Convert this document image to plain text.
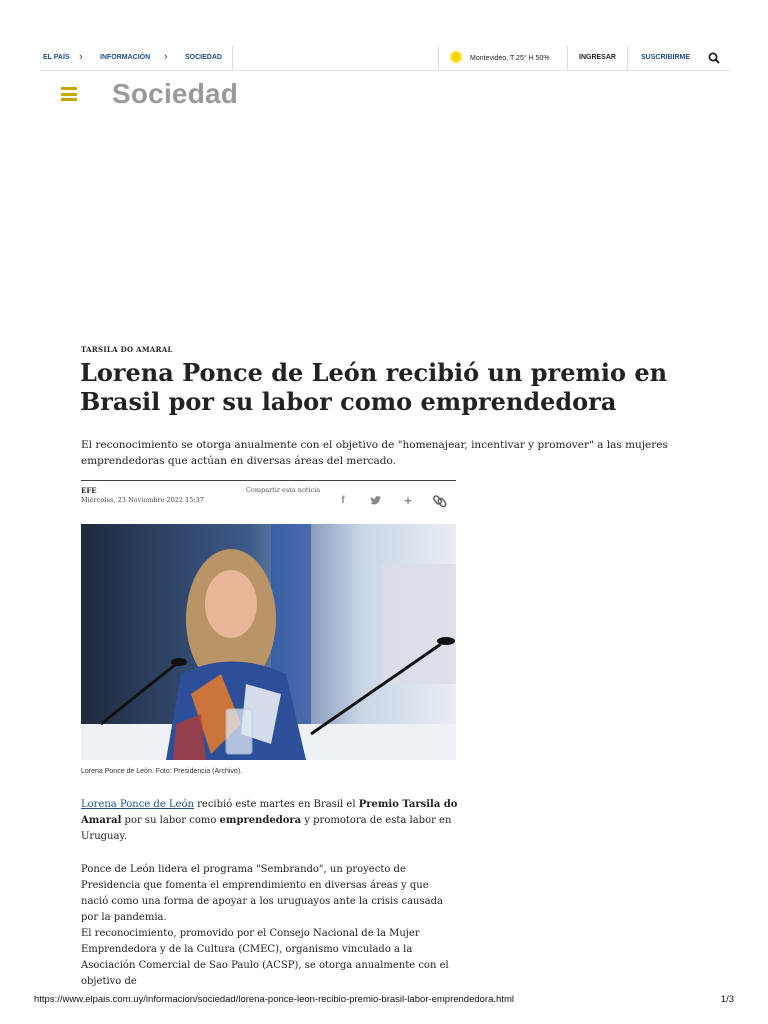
EL PAÍS › INFORMACIÓN › SOCIEDAD	Montevideo, T 25° H 50%	INGRESAR	SUSCRIBIRME
Sociedad
TARSILA DO AMARAL
Lorena Ponce de León recibió un premio en Brasil por su labor como emprendedora

El reconocimiento se otorga anualmente con el objetivo de "homenajear, incentivar y promover" a las mujeres emprendedoras que actúan en diversas áreas del mercado.

EFE
Miércoles, 23 Noviembre 2022 15:37
Compartir esta noticia
f	+
Lorena Ponce de León. Foto: Presidencia (Archivo).

Lorena Ponce de León recibió este martes en Brasil el Premio Tarsila do Amaral por su labor como emprendedora y promotora de esta labor en Uruguay.

Ponce de León lidera el programa "Sembrando", un proyecto de Presidencia que fomenta el emprendimiento en diversas áreas y que nació como una forma de apoyar a los uruguayos ante la crisis causada por la pandemia.

El reconocimiento, promovido por el Consejo Nacional de la Mujer Emprendedora y de la Cultura (CMEC), organismo vinculado a la Asociación Comercial de Sao Paulo (ACSP), se otorga anualmente con el objetivo de

https://www.elpais.com.uy/informacion/sociedad/lorena-ponce-leon-recibio-premio-brasil-labor-emprendedora.html	1/3
